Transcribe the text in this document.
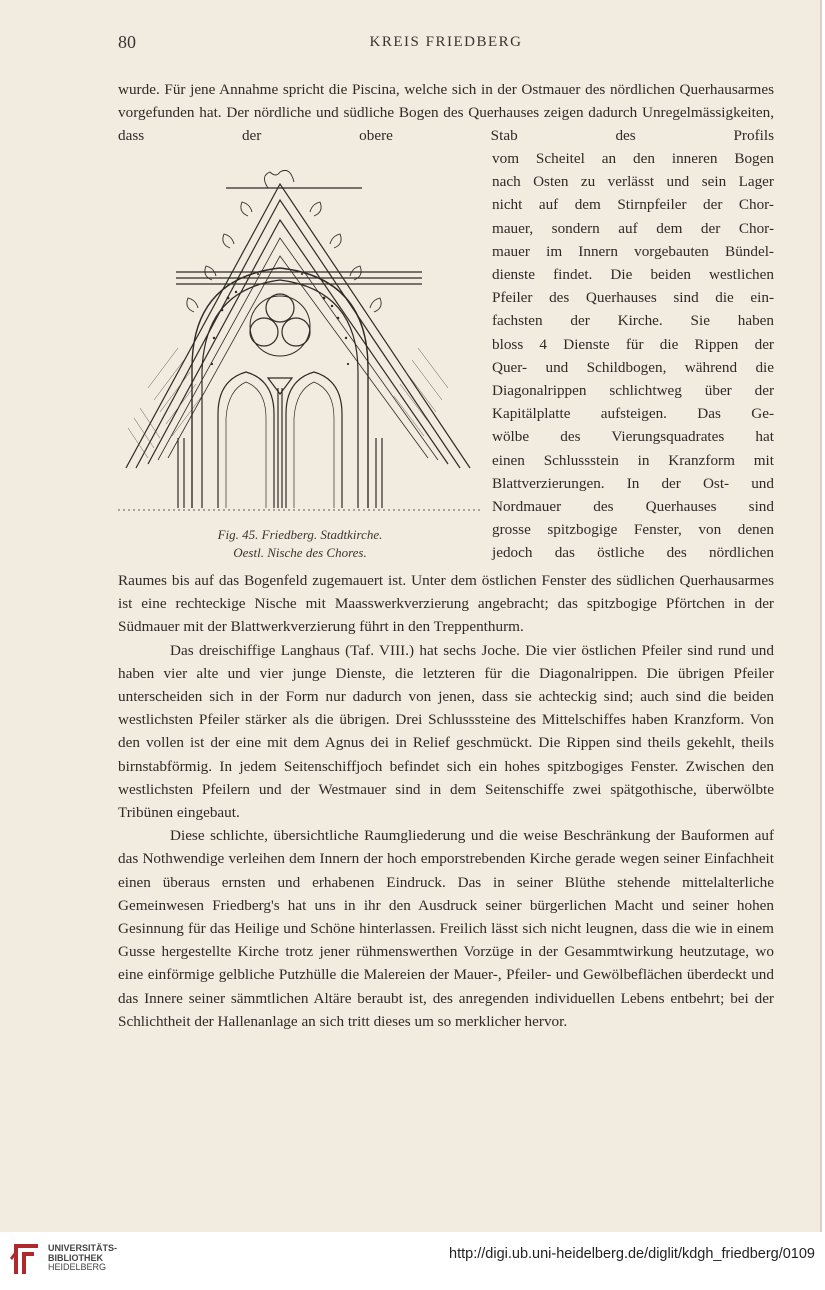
80	KREIS FRIEDBERG
wurde. Für jene Annahme spricht die Piscina, welche sich in der Ostmauer des nördlichen Querhausarmes vorgefunden hat. Der nördliche und südliche Bogen des Querhauses zeigen dadurch Unregelmässigkeiten, dass der obere Stab des Profils
vom Scheitel an den inneren Bogen
nach Osten zu verlässt und sein Lager
nicht auf dem Stirnpfeiler der Chor-
mauer, sondern auf dem der Chor-
mauer im Innern vorgebauten Bündel-
dienste findet. Die beiden westlichen
Pfeiler des Querhauses sind die ein-
fachsten der Kirche. Sie haben
bloss 4 Dienste für die Rippen der
Quer- und Schildbogen, während die
Diagonalrippen schlichtweg über der
Kapitälplatte aufsteigen. Das Ge-
wölbe des Vierungsquadrates hat
einen Schlussstein in Kranzform mit
Blattverzierungen. In der Ost- und
Nordmauer des Querhauses sind
grosse spitzbogige Fenster, von denen
jedoch das östliche des nördlichen
Fig. 45. Friedberg. Stadtkirche.
Oestl. Nische des Chores.
Raumes bis auf das Bogenfeld zugemauert ist. Unter dem östlichen Fenster des südlichen Querhausarmes ist eine rechteckige Nische mit Maasswerkverzierung angebracht; das spitzbogige Pförtchen in der Südmauer mit der Blattwerkverzierung führt in den Treppenthurm.
Das dreischiffige Langhaus (Taf. VIII.) hat sechs Joche. Die vier östlichen Pfeiler sind rund und haben vier alte und vier junge Dienste, die letzteren für die Diagonalrippen. Die übrigen Pfeiler unterscheiden sich in der Form nur dadurch von jenen, dass sie achteckig sind; auch sind die beiden westlichsten Pfeiler stärker als die übrigen. Drei Schlusssteine des Mittelschiffes haben Kranzform. Von den vollen ist der eine mit dem Agnus dei in Relief geschmückt. Die Rippen sind theils gekehlt, theils birnstabförmig. In jedem Seitenschiffjoch befindet sich ein hohes spitzbogiges Fenster. Zwischen den westlichsten Pfeilern und der Westmauer sind in dem Seitenschiffe zwei spätgothische, überwölbte Tribünen eingebaut.
Diese schlichte, übersichtliche Raumgliederung und die weise Beschränkung der Bauformen auf das Nothwendige verleihen dem Innern der hoch emporstrebenden Kirche gerade wegen seiner Einfachheit einen überaus ernsten und erhabenen Eindruck. Das in seiner Blüthe stehende mittelalterliche Gemeinwesen Friedberg's hat uns in ihr den Ausdruck seiner bürgerlichen Macht und seiner hohen Gesinnung für das Heilige und Schöne hinterlassen. Freilich lässt sich nicht leugnen, dass die wie in einem Gusse hergestellte Kirche trotz jener rühmenswerthen Vorzüge in der Gesammtwirkung heutzutage, wo eine einförmige gelbliche Putzhülle die Malereien der Mauer-, Pfeiler- und Gewölbeflächen überdeckt und das Innere seiner sämmtlichen Altäre beraubt ist, des anregenden individuellen Lebens entbehrt; bei der Schlichtheit der Hallenanlage an sich tritt dieses um so merklicher hervor.
UNIVERSITÄTS-
BIBLIOTHEK
HEIDELBERG
http://digi.ub.uni-heidelberg.de/diglit/kdgh_friedberg/0109
